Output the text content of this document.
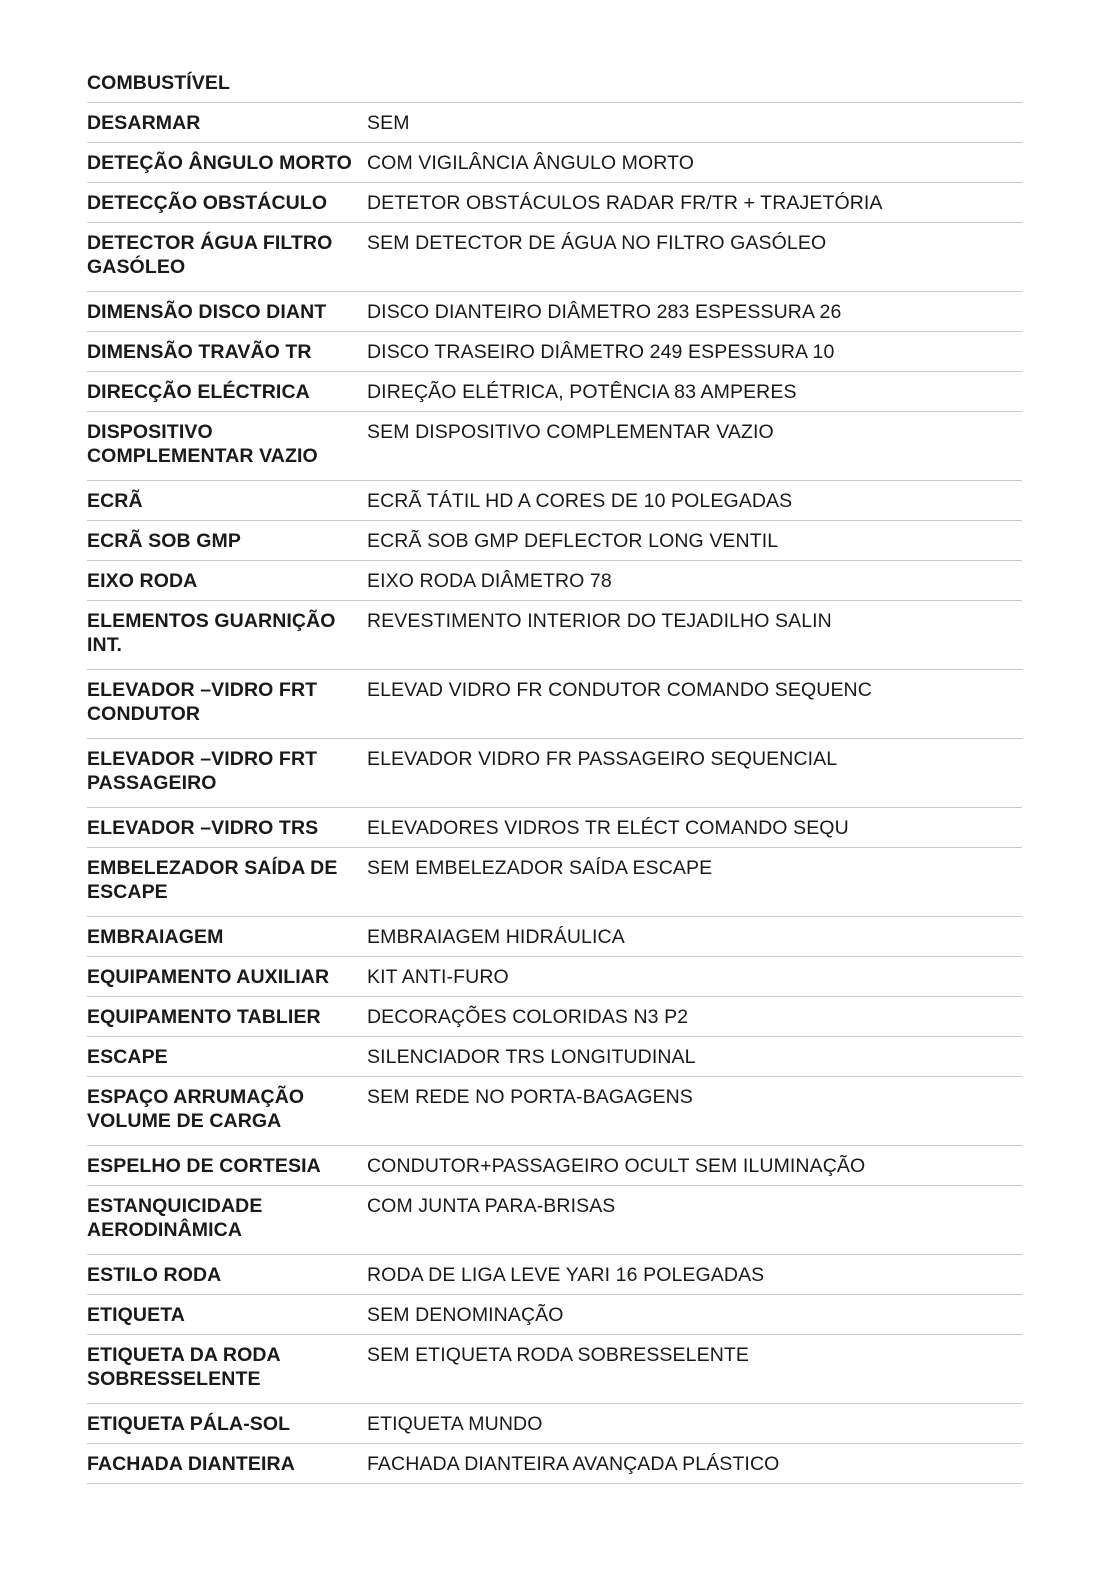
COMBUSTÍVEL
DESARMAR	SEM
DETEÇÃO ÂNGULO MORTO	COM VIGILÂNCIA ÂNGULO MORTO
DETECÇÃO OBSTÁCULO	DETETOR OBSTÁCULOS RADAR FR/TR + TRAJETÓRIA
DETECTOR ÁGUA FILTRO GASÓLEO	SEM DETECTOR DE ÁGUA NO FILTRO GASÓLEO
DIMENSÃO DISCO DIANT	DISCO DIANTEIRO DIÂMETRO 283 ESPESSURA 26
DIMENSÃO TRAVÃO TR	DISCO TRASEIRO DIÂMETRO 249 ESPESSURA 10
DIRECÇÃO ELÉCTRICA	DIREÇÃO ELÉTRICA, POTÊNCIA 83 AMPERES
DISPOSITIVO COMPLEMENTAR VAZIO	SEM DISPOSITIVO COMPLEMENTAR VAZIO
ECRÃ	ECRÃ TÁTIL HD A CORES DE 10 POLEGADAS
ECRÃ SOB GMP	ECRÃ SOB GMP DEFLECTOR LONG VENTIL
EIXO RODA	EIXO RODA DIÂMETRO 78
ELEMENTOS GUARNIÇÃO INT.	REVESTIMENTO INTERIOR DO TEJADILHO SALIN
ELEVADOR –VIDRO FRT CONDUTOR	ELEVAD VIDRO FR CONDUTOR COMANDO SEQUENC
ELEVADOR –VIDRO FRT PASSAGEIRO	ELEVADOR VIDRO FR PASSAGEIRO SEQUENCIAL
ELEVADOR –VIDRO TRS	ELEVADORES VIDROS TR ELÉCT COMANDO SEQU
EMBELEZADOR SAÍDA DE ESCAPE	SEM EMBELEZADOR SAÍDA ESCAPE
EMBRAIAGEM	EMBRAIAGEM HIDRÁULICA
EQUIPAMENTO AUXILIAR	KIT ANTI-FURO
EQUIPAMENTO TABLIER	DECORAÇÕES COLORIDAS N3 P2
ESCAPE	SILENCIADOR TRS LONGITUDINAL
ESPAÇO ARRUMAÇÃO VOLUME DE CARGA	SEM REDE NO PORTA-BAGAGENS
ESPELHO DE CORTESIA	CONDUTOR+PASSAGEIRO OCULT SEM ILUMINAÇÃO
ESTANQUICIDADE AERODINÂMICA	COM JUNTA PARA-BRISAS
ESTILO RODA	RODA DE LIGA LEVE YARI 16 POLEGADAS
ETIQUETA	SEM DENOMINAÇÃO
ETIQUETA DA RODA SOBRESSELENTE	SEM ETIQUETA RODA SOBRESSELENTE
ETIQUETA PÁLA-SOL	ETIQUETA MUNDO
FACHADA DIANTEIRA	FACHADA DIANTEIRA AVANÇADA PLÁSTICO
